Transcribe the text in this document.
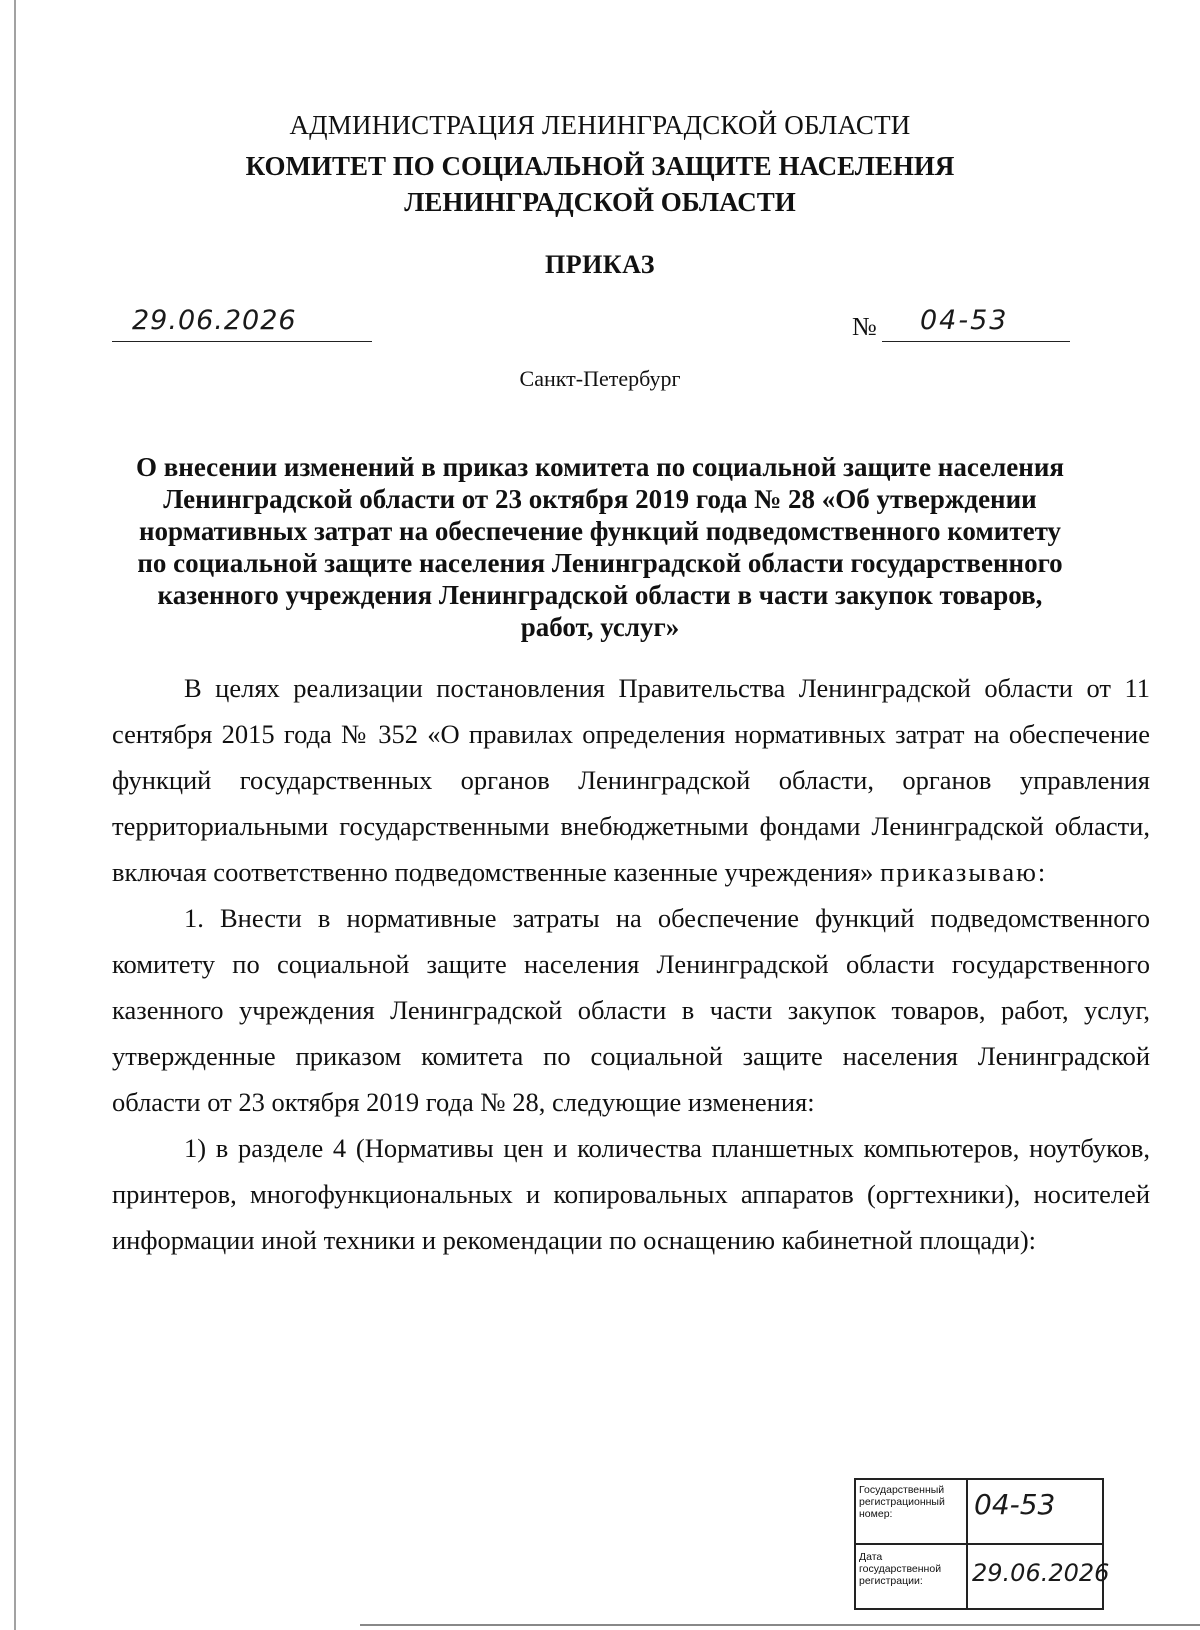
АДМИНИСТРАЦИЯ ЛЕНИНГРАДСКОЙ ОБЛАСТИ
КОМИТЕТ ПО СОЦИАЛЬНОЙ ЗАЩИТЕ НАСЕЛЕНИЯ
ЛЕНИНГРАДСКОЙ ОБЛАСТИ
ПРИКАЗ
29.06.2026	№ 04-53
Санкт-Петербург
О внесении изменений в приказ комитета по социальной защите населения Ленинградской области от 23 октября 2019 года № 28 «Об утверждении нормативных затрат на обеспечение функций подведомственного комитету по социальной защите населения Ленинградской области государственного казенного учреждения Ленинградской области в части закупок товаров, работ, услуг»

В целях реализации постановления Правительства Ленинградской области от 11 сентября 2015 года № 352 «О правилах определения нормативных затрат на обеспечение функций государственных органов Ленинградской области, органов управления территориальными государственными внебюджетными фондами Ленинградской области, включая соответственно подведомственные казенные учреждения» приказываю:

1. Внести в нормативные затраты на обеспечение функций подведомственного комитету по социальной защите населения Ленинградской области государственного казенного учреждения Ленинградской области в части закупок товаров, работ, услуг, утвержденные приказом комитета по социальной защите населения Ленинградской области от 23 октября 2019 года № 28, следующие изменения:

1) в разделе 4 (Нормативы цен и количества планшетных компьютеров, ноутбуков, принтеров, многофункциональных и копировальных аппаратов (оргтехники), носителей информации иной техники и рекомендации по оснащению кабинетной площади):

Государственный регистрационный номер:	04-53
Дата государственной регистрации:	29.06.2026
